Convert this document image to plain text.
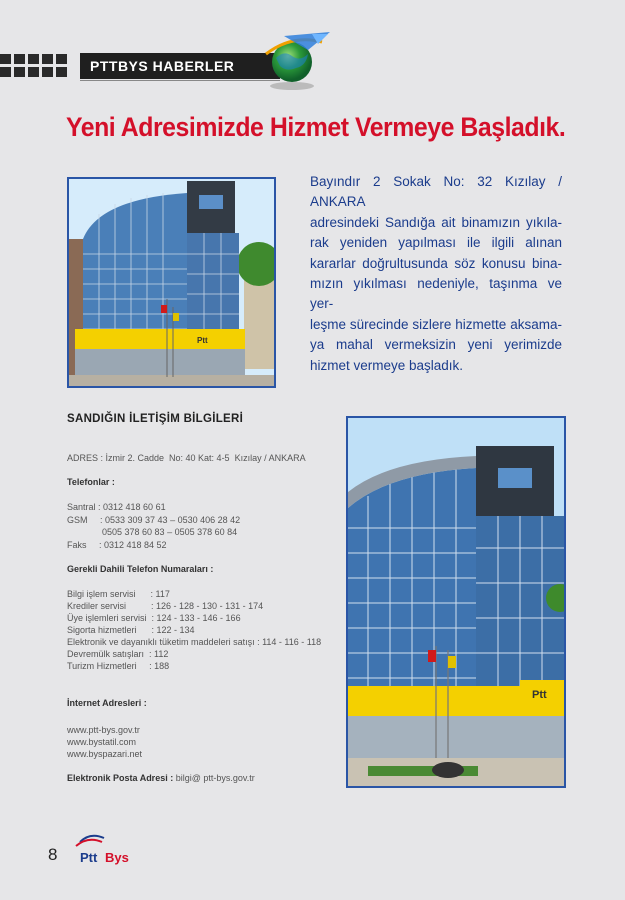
PTTBYS HABERLER
Yeni Adresimizde Hizmet Vermeye Başladık.
Ptt
Bayındır 2 Sokak No: 32 Kızılay / ANKARA
adresindeki Sandığa ait binamızın yıkıla-
rak yeniden yapılması ile ilgili alınan
kararlar doğrultusunda söz konusu bina-
mızın yıkılması nedeniyle, taşınma ve yer-
leşme sürecinde sizlere hizmette aksama-
ya mahal vermeksizin yeni yerimizde
hizmet vermeye başladık.
SANDIĞIN İLETİŞİM BİLGİLERİ
ADRES : İzmir 2. Cadde  No: 40 Kat: 4-5  Kızılay / ANKARA
Telefonlar :
Santral : 0312 418 60 61
GSM     : 0533 309 37 43 – 0530 406 28 42
0505 378 60 83 – 0505 378 60 84
Faks     : 0312 418 84 52
Gerekli Dahili Telefon Numaraları :
Bilgi işlem servisi      : 117
Krediler servisi          : 126 - 128 - 130 - 131 - 174
Üye işlemleri servisi  : 124 - 133 - 146 - 166
Sigorta hizmetleri      : 122 - 134
Elektronik ve dayanıklı tüketim maddeleri satışı : 114 - 116 - 118
Devremülk satışları  : 112
Turizm Hizmetleri     : 188
İnternet Adresleri :
www.ptt-bys.gov.tr
www.bystatil.com
www.byspazari.net
Elektronik Posta Adresi : bilgi@ ptt-bys.gov.tr
Ptt
8 Ptt Bys
